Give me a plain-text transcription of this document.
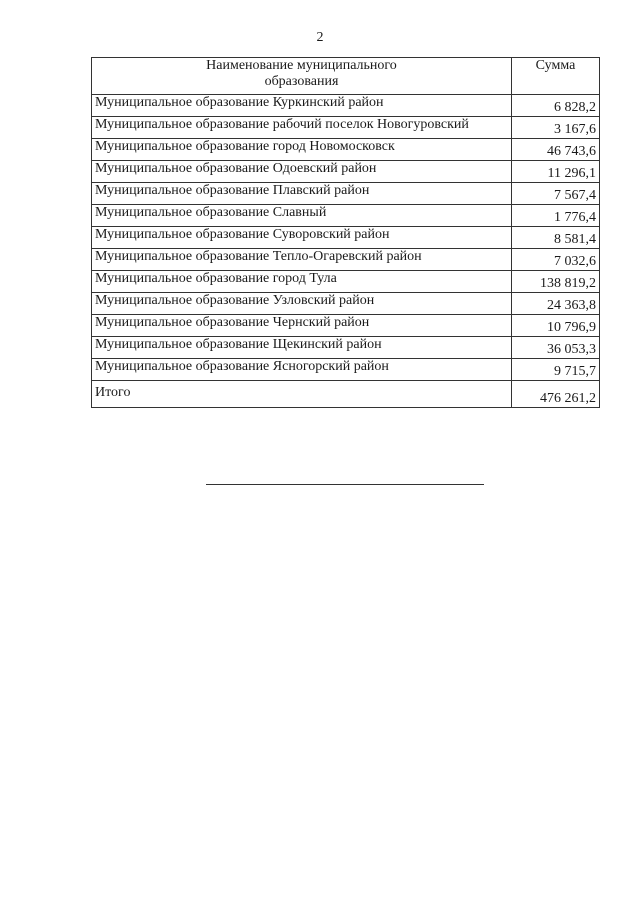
2
Наименование муниципального
образования	Сумма
Муниципальное образование Куркинский район	6 828,2
Муниципальное образование рабочий поселок Новогуровский	3 167,6
Муниципальное образование город Новомосковск	46 743,6
Муниципальное образование Одоевский район	11 296,1
Муниципальное образование Плавский район	7 567,4
Муниципальное образование Славный	1 776,4
Муниципальное образование Суворовский район	8 581,4
Муниципальное образование Тепло-Огаревский район	7 032,6
Муниципальное образование город Тула	138 819,2
Муниципальное образование Узловский район	24 363,8
Муниципальное образование Чернский район	10 796,9
Муниципальное образование Щекинский район	36 053,3
Муниципальное образование Ясногорский район	9 715,7
Итого	476 261,2
